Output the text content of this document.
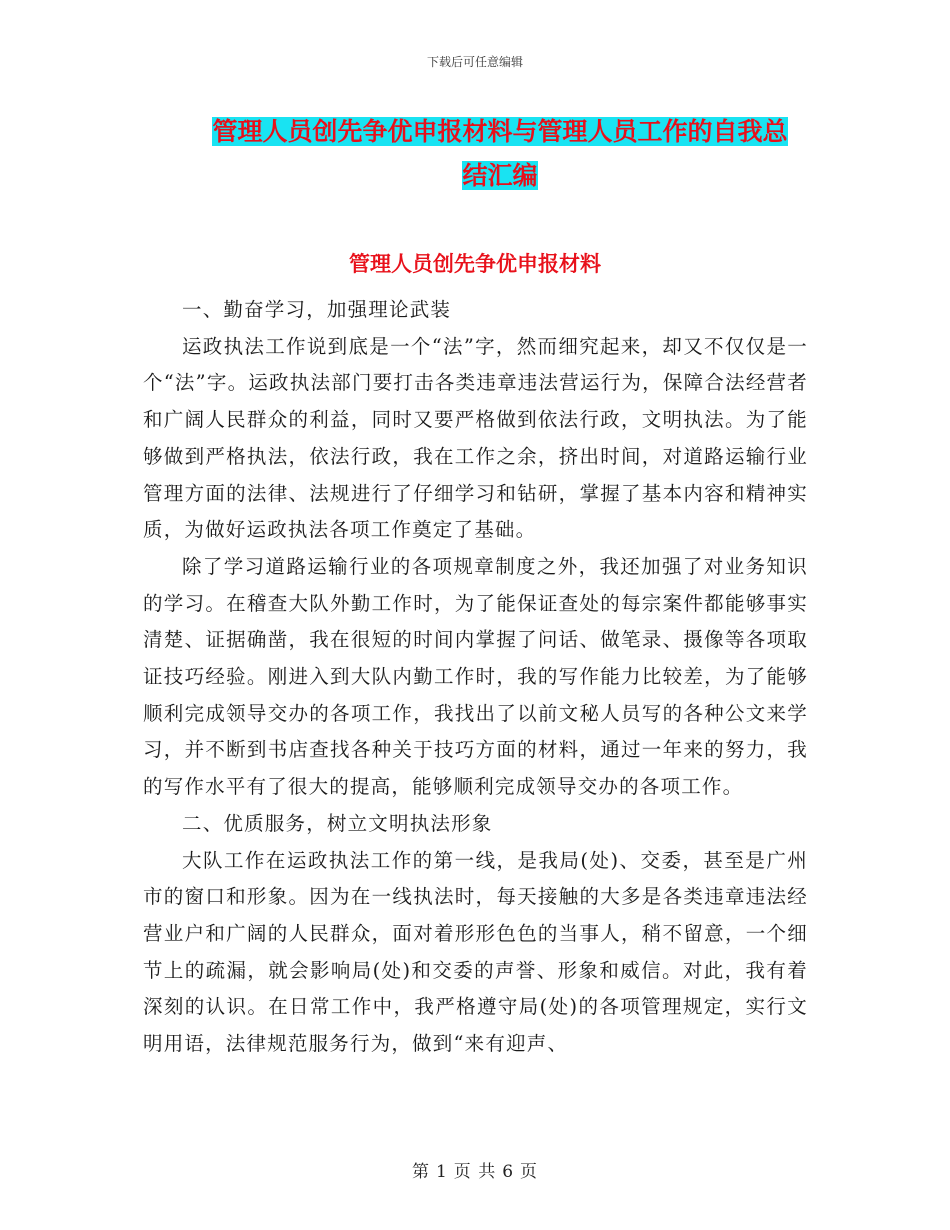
下载后可任意编辑
管理人员创先争优申报材料与管理人员工作的自我总
结汇编
管理人员创先争优申报材料

一、勤奋学习，加强理论武装

运政执法工作说到底是一个“法”字，然而细究起来，却又不仅仅是一个“法”字。运政执法部门要打击各类违章违法营运行为，保障合法经营者和广阔人民群众的利益，同时又要严格做到依法行政，文明执法。为了能够做到严格执法，依法行政，我在工作之余，挤出时间，对道路运输行业管理方面的法律、法规进行了仔细学习和钻研，掌握了基本内容和精神实质，为做好运政执法各项工作奠定了基础。

除了学习道路运输行业的各项规章制度之外，我还加强了对业务知识的学习。在稽查大队外勤工作时，为了能保证查处的每宗案件都能够事实清楚、证据确凿，我在很短的时间内掌握了问话、做笔录、摄像等各项取证技巧经验。刚进入到大队内勤工作时，我的写作能力比较差，为了能够顺利完成领导交办的各项工作，我找出了以前文秘人员写的各种公文来学习，并不断到书店查找各种关于技巧方面的材料，通过一年来的努力，我的写作水平有了很大的提高，能够顺利完成领导交办的各项工作。

二、优质服务，树立文明执法形象

大队工作在运政执法工作的第一线，是我局(处)、交委，甚至是广州市的窗口和形象。因为在一线执法时，每天接触的大多是各类违章违法经营业户和广阔的人民群众，面对着形形色色的当事人，稍不留意，一个细节上的疏漏，就会影响局(处)和交委的声誉、形象和威信。对此，我有着深刻的认识。在日常工作中，我严格遵守局(处)的各项管理规定，实行文明用语，法律规范服务行为，做到“来有迎声、

第 1 页 共 6 页
